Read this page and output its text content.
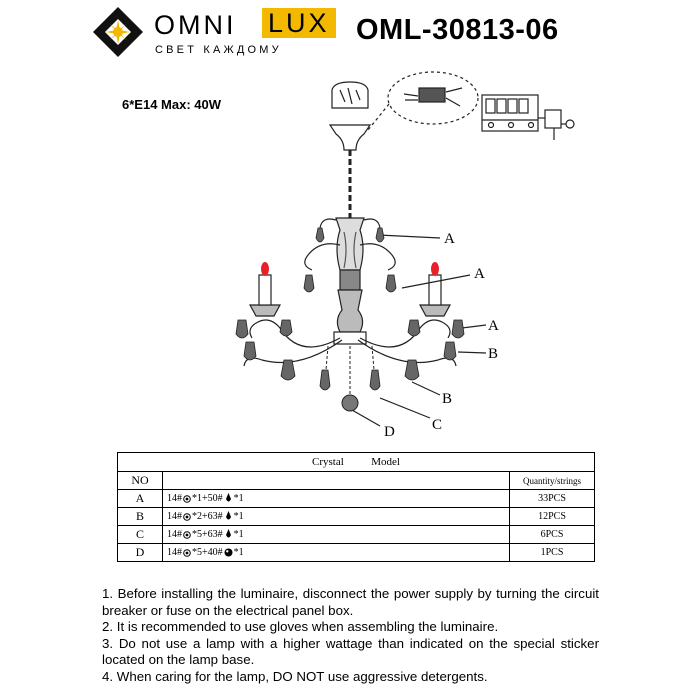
OMNI LUX
СВЕТ КАЖДОМУ
OML-30813-06
6*E14 Max: 40W
A
A
A
B
B
C
D
Crystal Model		
NO		Quantity/strings
A	14# *1+50# *1	33PCS
B	14# *2+63# *1	12PCS
C	14# *5+63# *1	6PCS
D	14# *5+40# *1	1PCS

1. Before installing the luminaire, disconnect the power supply by turning the circuit breaker or fuse on the electrical panel box.

2. It is recommended to use gloves when assembling the luminaire.

3. Do not use a lamp with a higher wattage than indicated on the special sticker located on the lamp base.

4. When caring for the lamp, DO NOT use aggressive detergents.
